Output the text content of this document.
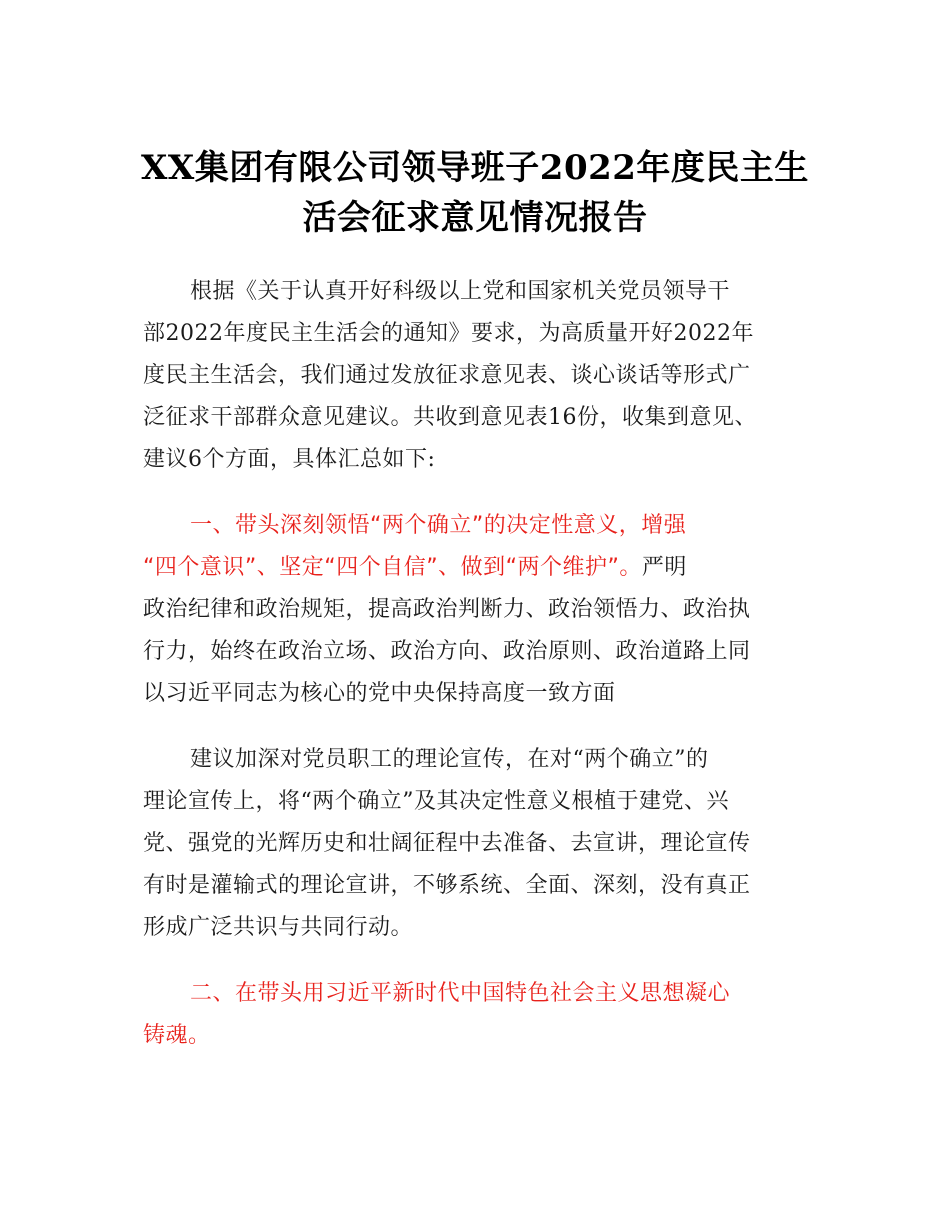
XX集团有限公司领导班子2022年度民主生
活会征求意见情况报告
根据《关于认真开好科级以上党和国家机关党员领导干
部2022年度民主生活会的通知》要求，为高质量开好2022年
度民主生活会，我们通过发放征求意见表、谈心谈话等形式广
泛征求干部群众意见建议。共收到意见表16份，收集到意见、
建议6个方面，具体汇总如下:
一、带头深刻领悟“两个确立”的决定性意义，增强
“四个意识”、坚定“四个自信”、做到“两个维护”。严明
政治纪律和政治规矩，提高政治判断力、政治领悟力、政治执
行力，始终在政治立场、政治方向、政治原则、政治道路上同
以习近平同志为核心的党中央保持高度一致方面
建议加深对党员职工的理论宣传，在对“两个确立”的
理论宣传上，将“两个确立”及其决定性意义根植于建党、兴
党、强党的光辉历史和壮阔征程中去准备、去宣讲，理论宣传
有时是灌输式的理论宣讲，不够系统、全面、深刻，没有真正
形成广泛共识与共同行动。
二、在带头用习近平新时代中国特色社会主义思想凝心
铸魂。
